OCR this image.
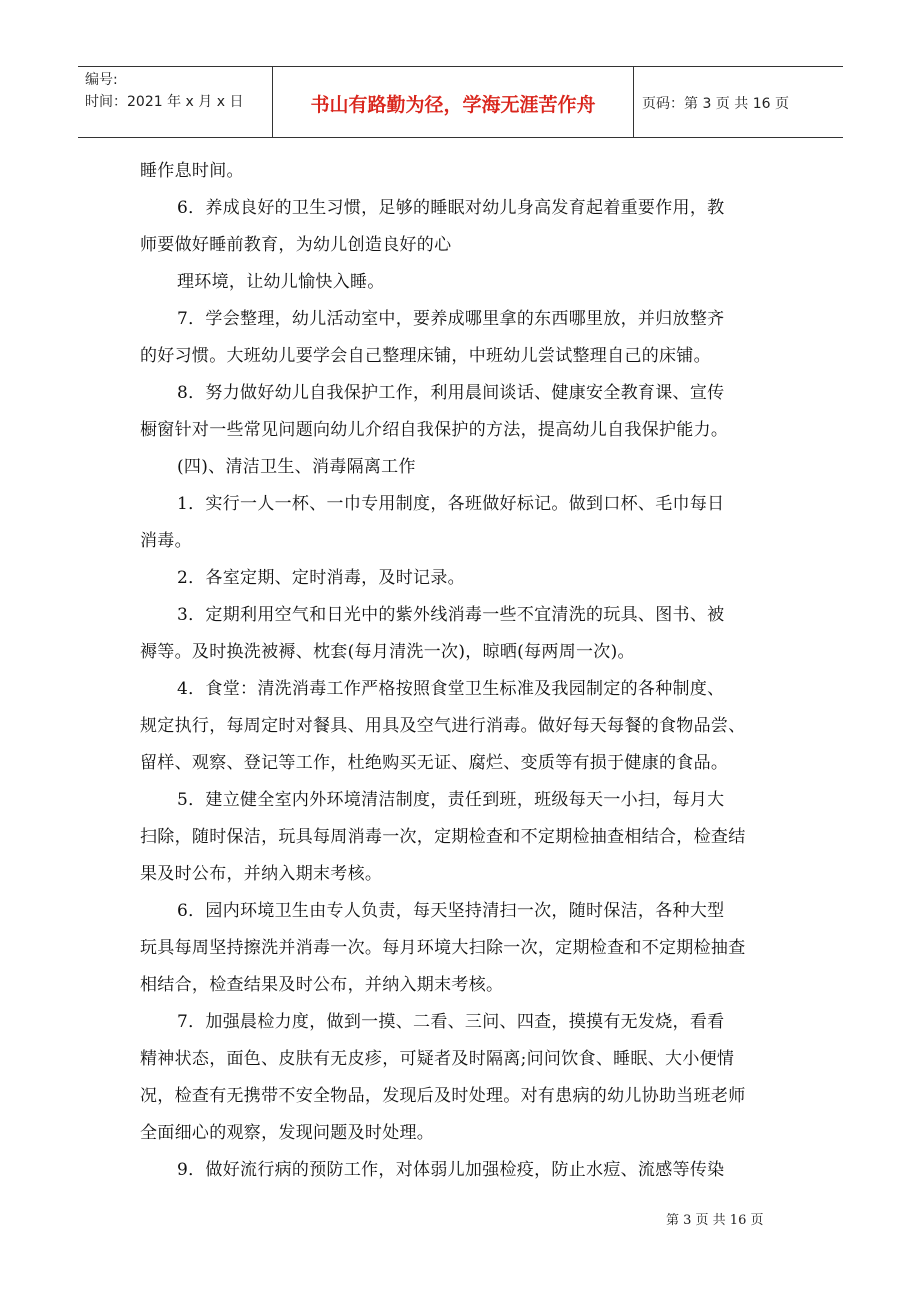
编号:
时间：2021 年 x 月 x 日	书山有路勤为径，学海无涯苦作舟	页码：第 3 页 共 16 页

睡作息时间。

6．养成良好的卫生习惯，足够的睡眠对幼儿身高发育起着重要作用，教

师要做好睡前教育，为幼儿创造良好的心

理环境，让幼儿愉快入睡。

7．学会整理，幼儿活动室中，要养成哪里拿的东西哪里放，并归放整齐

的好习惯。大班幼儿要学会自己整理床铺，中班幼儿尝试整理自己的床铺。

8．努力做好幼儿自我保护工作，利用晨间谈话、健康安全教育课、宣传

橱窗针对一些常见问题向幼儿介绍自我保护的方法，提高幼儿自我保护能力。

(四)、清洁卫生、消毒隔离工作

1．实行一人一杯、一巾专用制度，各班做好标记。做到口杯、毛巾每日

消毒。

2．各室定期、定时消毒，及时记录。

3．定期利用空气和日光中的紫外线消毒一些不宜清洗的玩具、图书、被

褥等。及时换洗被褥、枕套(每月清洗一次)，晾晒(每两周一次)。

4．食堂：清洗消毒工作严格按照食堂卫生标准及我园制定的各种制度、

规定执行，每周定时对餐具、用具及空气进行消毒。做好每天每餐的食物品尝、

留样、观察、登记等工作，杜绝购买无证、腐烂、变质等有损于健康的食品。

5．建立健全室内外环境清洁制度，责任到班，班级每天一小扫，每月大

扫除，随时保洁，玩具每周消毒一次，定期检查和不定期检抽查相结合，检查结

果及时公布，并纳入期末考核。

6．园内环境卫生由专人负责，每天坚持清扫一次，随时保洁，各种大型

玩具每周坚持擦洗并消毒一次。每月环境大扫除一次，定期检查和不定期检抽查

相结合，检查结果及时公布，并纳入期末考核。

7．加强晨检力度，做到一摸、二看、三问、四查，摸摸有无发烧，看看

精神状态，面色、皮肤有无皮疹，可疑者及时隔离;问问饮食、睡眠、大小便情

况，检查有无携带不安全物品，发现后及时处理。对有患病的幼儿协助当班老师

全面细心的观察，发现问题及时处理。

9．做好流行病的预防工作，对体弱儿加强检疫，防止水痘、流感等传染

第 3 页 共 16 页
